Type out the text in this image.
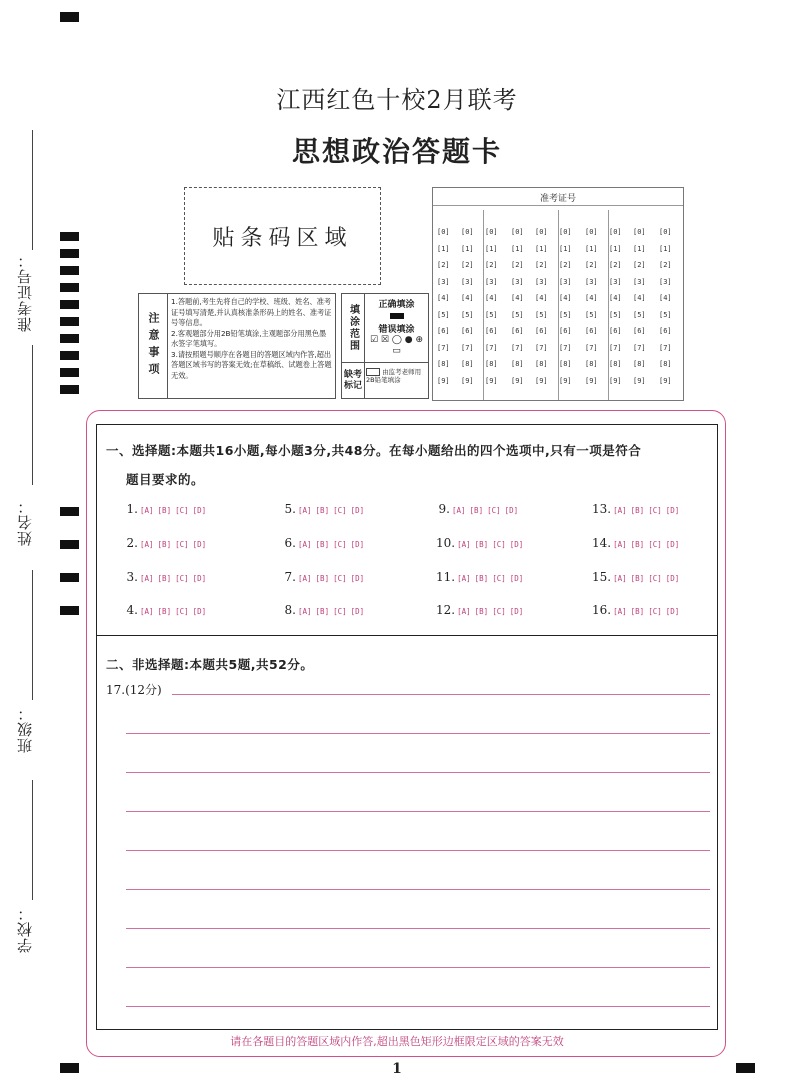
准考证号：
姓名：
班级：
学校：
江西红色十校2月联考
思想政治答题卡
贴条码区域
注意事项
1.答题前,考生先将自己的学校、班级、姓名、准考证号填写清楚,并认真核准条形码上的姓名、准考证号等信息。
2.客观题部分用2B铅笔填涂,主观题部分用黑色墨水签字笔填写。
3.请按照题号顺序在各题目的答题区域内作答,超出答题区域书写的答案无效;在草稿纸、试题卷上答题无效。
填涂范围	正确填涂
错误填涂
☑ ☒ ◯ ● ⊕ ▭
缺考标记
由监考老师用2B铅笔填涂
准考证号
[0]
[1]
[2]
[3]
[4]
[5]
[6]
[7]
[8]
[9]
[0]
[1]
[2]
[3]
[4]
[5]
[6]
[7]
[8]
[9]
[0]
[1]
[2]
[3]
[4]
[5]
[6]
[7]
[8]
[9]
[0]
[1]
[2]
[3]
[4]
[5]
[6]
[7]
[8]
[9]
[0]
[1]
[2]
[3]
[4]
[5]
[6]
[7]
[8]
[9]
[0]
[1]
[2]
[3]
[4]
[5]
[6]
[7]
[8]
[9]
[0]
[1]
[2]
[3]
[4]
[5]
[6]
[7]
[8]
[9]
[0]
[1]
[2]
[3]
[4]
[5]
[6]
[7]
[8]
[9]
[0]
[1]
[2]
[3]
[4]
[5]
[6]
[7]
[8]
[9]
[0]
[1]
[2]
[3]
[4]
[5]
[6]
[7]
[8]
[9]
一、选择题:本题共16小题,每小题3分,共48分。在每小题给出的四个选项中,只有一项是符合
题目要求的。
1. [A] [B] [C] [D]
2. [A] [B] [C] [D]
3. [A] [B] [C] [D]
4. [A] [B] [C] [D]
5. [A] [B] [C] [D]
6. [A] [B] [C] [D]
7. [A] [B] [C] [D]
8. [A] [B] [C] [D]
9. [A] [B] [C] [D]
10. [A] [B] [C] [D]
11. [A] [B] [C] [D]
12. [A] [B] [C] [D]
13. [A] [B] [C] [D]
14. [A] [B] [C] [D]
15. [A] [B] [C] [D]
16. [A] [B] [C] [D]
二、非选择题:本题共5题,共52分。
17.(12分)
请在各题目的答题区域内作答,超出黑色矩形边框限定区域的答案无效
1
